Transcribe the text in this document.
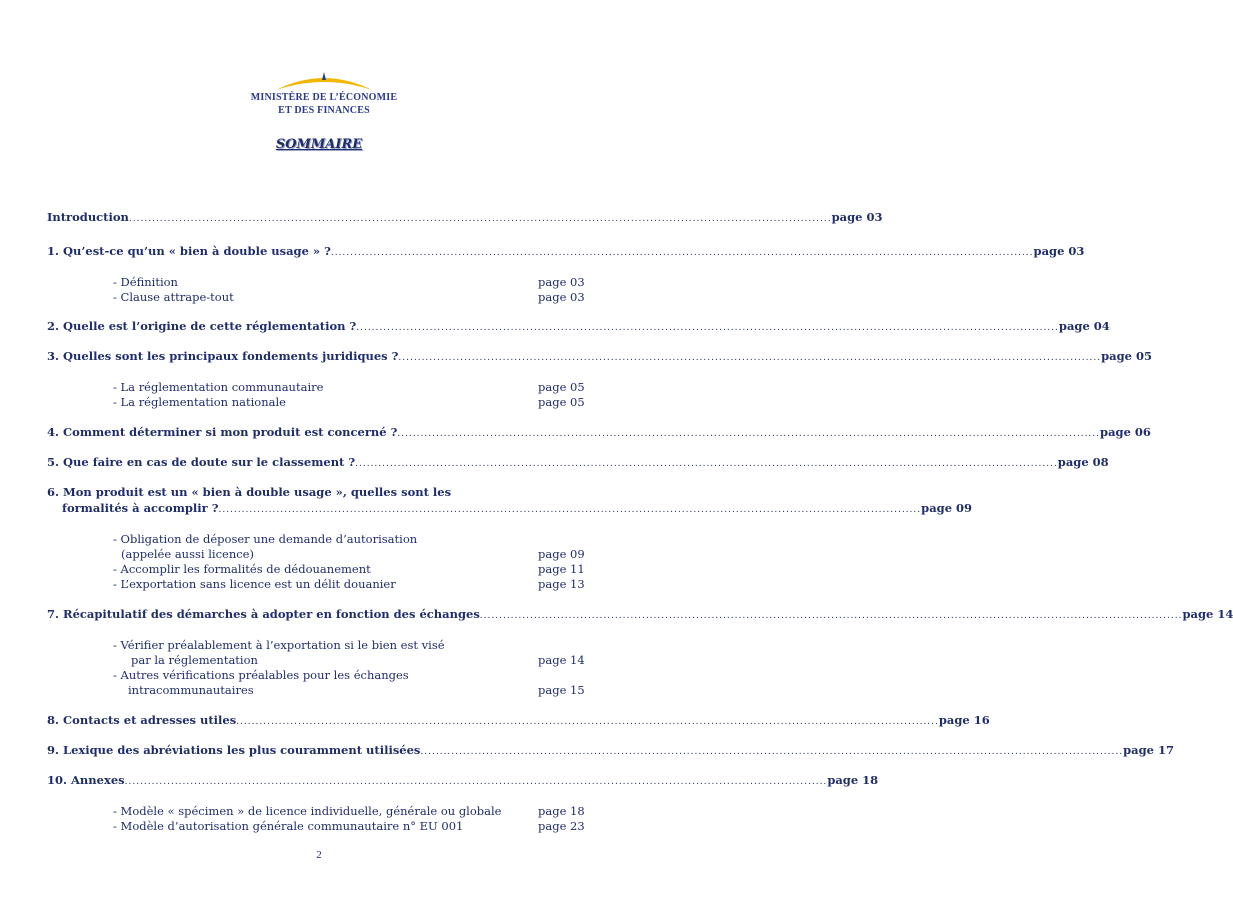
MINISTÈRE DE L’ÉCONOMIE
ET DES FINANCES
SOMMAIRE
Introduction .....	page 03
1. Qu’est-ce qu’un « bien à double usage » ? .....	page 03
- Définition	page 03
- Clause attrape-tout	page 03
2. Quelle est l’origine de cette réglementation ? .....	page 04
3. Quelles sont les principaux fondements juridiques ? .....	page 05
- La réglementation communautaire	page 05
- La réglementation nationale	page 05
4. Comment déterminer si mon produit est concerné ? .....	page 06
5. Que faire en cas de doute sur le classement ? .....	page 08
6. Mon produit est un « bien à double usage », quelles sont les
formalités à accomplir ? .....	page 09
- Obligation de déposer une demande d’autorisation
(appelée aussi licence)	page 09
- Accomplir les formalités de dédouanement	page 11
- L’exportation sans licence est un délit douanier	page 13
7. Récapitulatif des démarches à adopter en fonction des échanges .....	page 14
- Vérifier préalablement à l’exportation si le bien est visé
par la réglementation	page 14
- Autres vérifications préalables pour les échanges
intracommunautaires	page 15
8. Contacts et adresses utiles .....	page 16
9. Lexique des abréviations les plus couramment utilisées .....	page 17
10. Annexes .....	page 18
- Modèle « spécimen » de licence individuelle, générale ou globale	page 18
- Modèle d’autorisation générale communautaire n° EU 001	page 23
2
